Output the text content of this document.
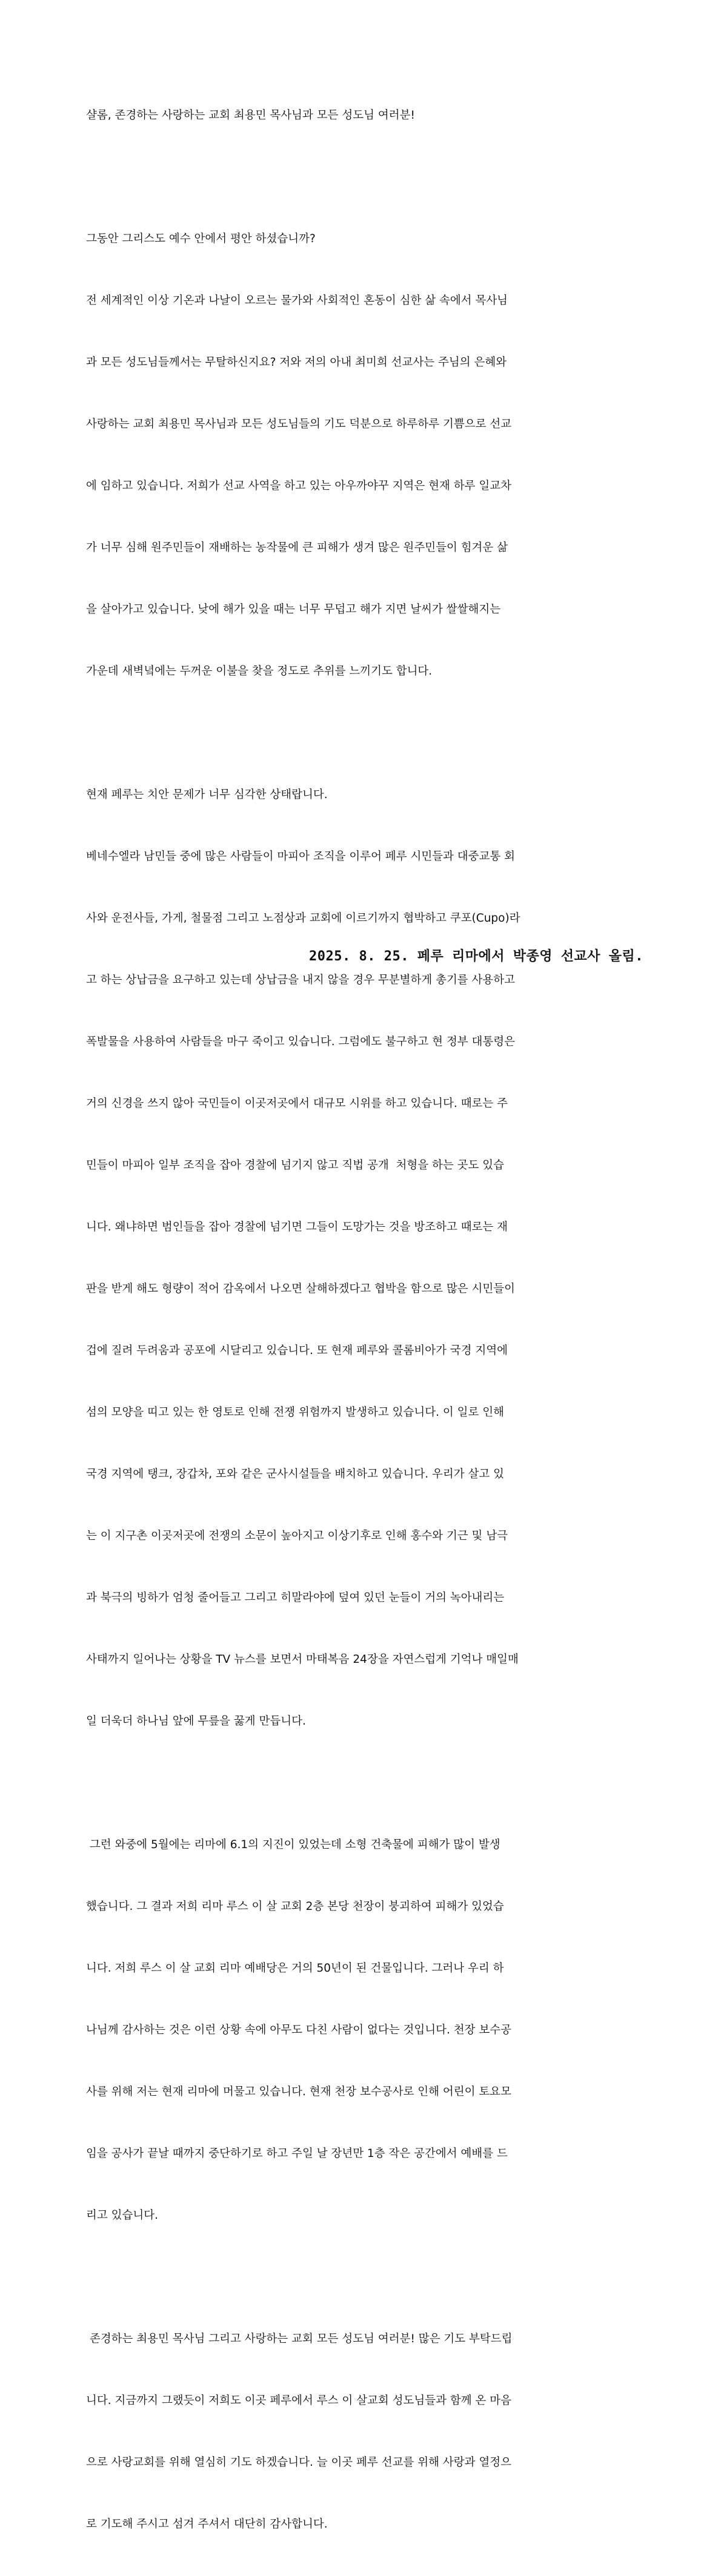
샬롬, 존경하는 사랑하는 교회 최용민 목사님과 모든 성도님 여러분!

그동안 그리스도 예수 안에서 평안 하셨습니까?

전 세계적인 이상 기온과 나날이 오르는 물가와 사회적인 혼동이 심한 삶 속에서 목사님

과 모든 성도님들께서는 무탈하신지요? 저와 저의 아내 최미희 선교사는 주님의 은혜와

사랑하는 교회 최용민 목사님과 모든 성도님들의 기도 덕분으로 하루하루 기쁨으로 선교

에 임하고 있습니다. 저희가 선교 사역을 하고 있는 아우까야꾸 지역은 현재 하루 일교차

가 너무 심해 원주민들이 재배하는 농작물에 큰 피해가 생겨 많은 원주민들이 힘겨운 삶

을 살아가고 있습니다. 낮에 해가 있을 때는 너무 무덥고 해가 지면 날씨가 쌀쌀해지는

가운데 새벽녘에는 두꺼운 이불을 찾을 정도로 추위를 느끼기도 합니다.

현재 페루는 치안 문제가 너무 심각한 상태랍니다.

베네수엘라 남민들 중에 많은 사람들이 마피아 조직을 이루어 페루 시민들과 대중교통 회

사와 운전사들, 가게, 철물점 그리고 노점상과 교회에 이르기까지 협박하고 쿠포(Cupo)라

고 하는 상납금을 요구하고 있는데 상납금을 내지 않을 경우 무분별하게 총기를 사용하고

폭발물을 사용하여 사람들을 마구 죽이고 있습니다. 그럼에도 불구하고 현 정부 대통령은

거의 신경을 쓰지 않아 국민들이 이곳저곳에서 대규모 시위를 하고 있습니다. 때로는 주

민들이 마피아 일부 조직을 잡아 경찰에 넘기지 않고 직법 공개  처형을 하는 곳도 있습

니다. 왜냐하면 범인들을 잡아 경찰에 넘기면 그들이 도망가는 것을 방조하고 때로는 재

판을 받게 해도 형량이 적어 감옥에서 나오면 살해하겠다고 협박을 함으로 많은 시민들이

겁에 질려 두려움과 공포에 시달리고 있습니다. 또 현재 페루와 콜롬비아가 국경 지역에

섬의 모양을 띠고 있는 한 영토로 인해 전쟁 위험까지 발생하고 있습니다. 이 일로 인해

국경 지역에 탱크, 장갑차, 포와 같은 군사시설들을 배치하고 있습니다. 우리가 살고 있

는 이 지구촌 이곳저곳에 전쟁의 소문이 높아지고 이상기후로 인해 홍수와 기근 및 남극

과 북극의 빙하가 엄청 줄어들고 그리고 히말라야에 덮여 있던 눈들이 거의 녹아내리는

사태까지 일어나는 상황을 TV 뉴스를 보면서 마태복음 24장을 자연스럽게 기억나 매일매

일 더욱더 하나님 앞에 무릎을 꿇게 만듭니다.

그런 와중에 5월에는 리마에 6.1의 지진이 있었는데 소형 건축물에 피해가 많이 발생

했습니다. 그 결과 저희 리마 루스 이 살 교회 2층 본당 천장이 붕괴하여 피해가 있었습

니다. 저희 루스 이 살 교회 리마 예배당은 거의 50년이 된 건물입니다. 그러나 우리 하

나님께 감사하는 것은 이런 상황 속에 아무도 다친 사람이 없다는 것입니다. 천장 보수공

사를 위해 저는 현재 리마에 머물고 있습니다. 현재 천장 보수공사로 인해 어린이 토요모

임을 공사가 끝날 때까지 중단하기로 하고 주일 날 장년만 1층 작은 공간에서 예배를 드

리고 있습니다.

존경하는 최용민 목사님 그리고 사랑하는 교회 모든 성도님 여러분! 많은 기도 부탁드립

니다. 지금까지 그랬듯이 저희도 이곳 페루에서 루스 이 살교회 성도님들과 함께 온 마음

으로 사랑교회를 위해 열심히 기도 하겠습니다. 늘 이곳 페루 선교를 위해 사랑과 열정으

로 기도해 주시고 섬겨 주셔서 대단히 감사합니다.

2025. 8. 25. 페루 리마에서 박종영 선교사 올림.
